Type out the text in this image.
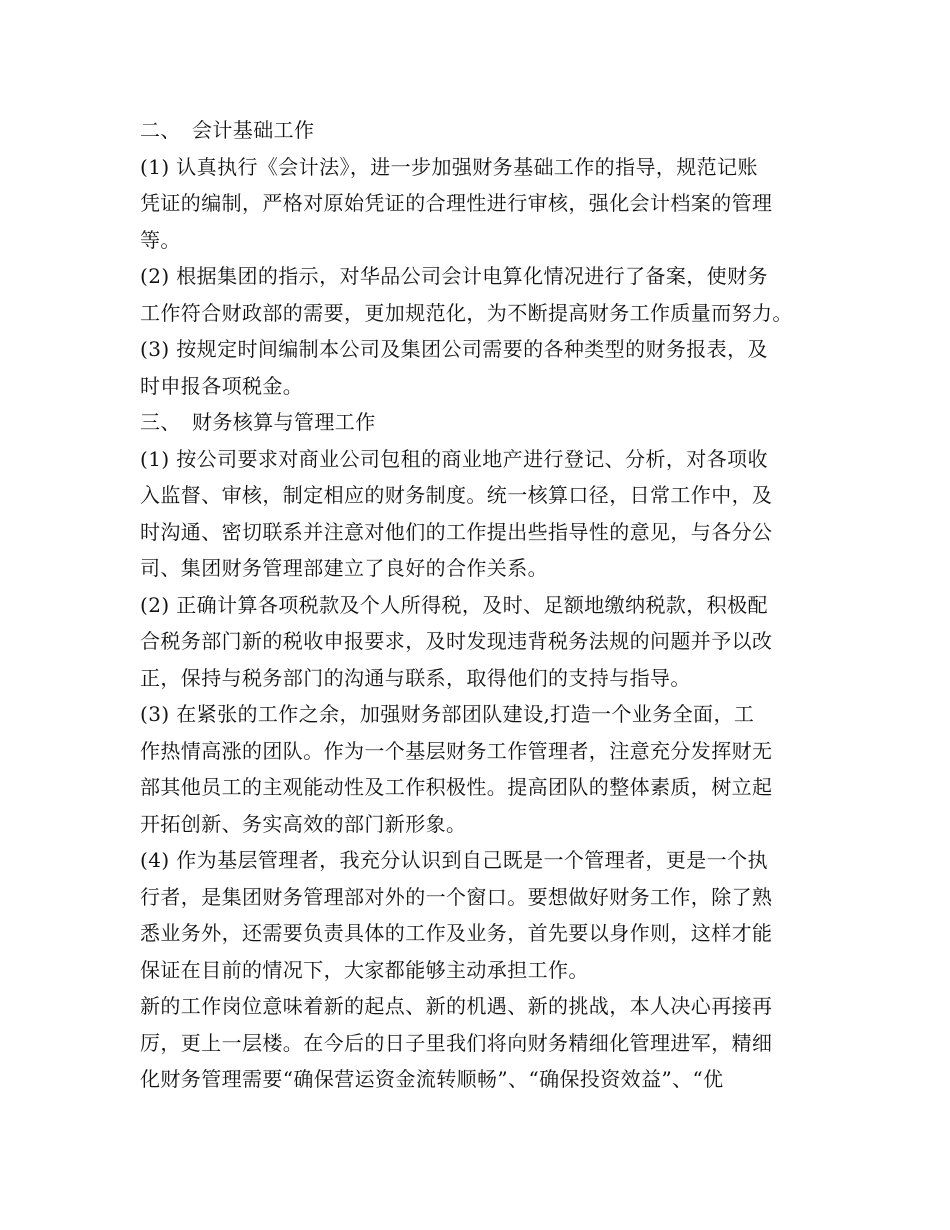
二、 会计基础工作
(1) 认真执行《会计法》，进一步加强财务基础工作的指导，规范记账
凭证的编制，严格对原始凭证的合理性进行审核，强化会计档案的管理
等。
(2) 根据集团的指示，对华品公司会计电算化情况进行了备案，使财务
工作符合财政部的需要，更加规范化，为不断提高财务工作质量而努力。
(3) 按规定时间编制本公司及集团公司需要的各种类型的财务报表，及
时申报各项税金。
三、 财务核算与管理工作
(1) 按公司要求对商业公司包租的商业地产进行登记、分析，对各项收
入监督、审核，制定相应的财务制度。统一核算口径，日常工作中，及
时沟通、密切联系并注意对他们的工作提出些指导性的意见，与各分公
司、集团财务管理部建立了良好的合作关系。
(2) 正确计算各项税款及个人所得税，及时、足额地缴纳税款，积极配
合税务部门新的税收申报要求，及时发现违背税务法规的问题并予以改
正，保持与税务部门的沟通与联系，取得他们的支持与指导。
(3) 在紧张的工作之余，加强财务部团队建设,打造一个业务全面，工
作热情高涨的团队。作为一个基层财务工作管理者，注意充分发挥财无
部其他员工的主观能动性及工作积极性。提高团队的整体素质，树立起
开拓创新、务实高效的部门新形象。
(4) 作为基层管理者，我充分认识到自己既是一个管理者，更是一个执
行者，是集团财务管理部对外的一个窗口。要想做好财务工作，除了熟
悉业务外，还需要负责具体的工作及业务，首先要以身作则，这样才能
保证在目前的情况下，大家都能够主动承担工作。
新的工作岗位意味着新的起点、新的机遇、新的挑战，本人决心再接再
厉，更上一层楼。在今后的日子里我们将向财务精细化管理进军，精细
化财务管理需要“确保营运资金流转顺畅”、“确保投资效益”、“优
